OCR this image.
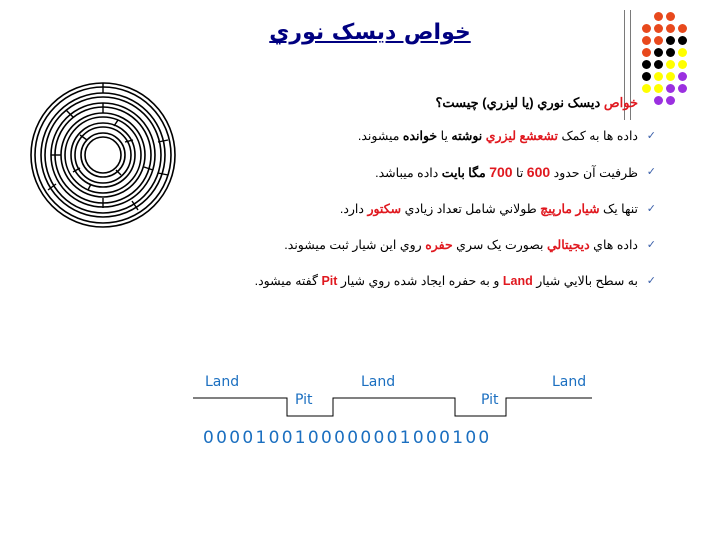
خواص ديسک نوري
خواص ديسک نوري (يا ليزري) چيست؟
✓
داده ها به کمک تشعشع ليزري نوشته يا خوانده ميشوند.
✓
ظرفيت آن حدود 600 تا 700 مگا بايت داده ميباشد.
✓
تنها يک شيار مارپيچ طولاني شامل تعداد زيادي سکتور دارد.
✓
داده هاي ديجيتالي بصورت يک سري حفره روي اين شيار ثبت ميشوند.
✓
به سطح بالايي شيار Land و به حفره ايجاد شده روي شيار Pit گفته ميشود.
Land
Pit
Land
Pit
Land
0000100100000001000100
